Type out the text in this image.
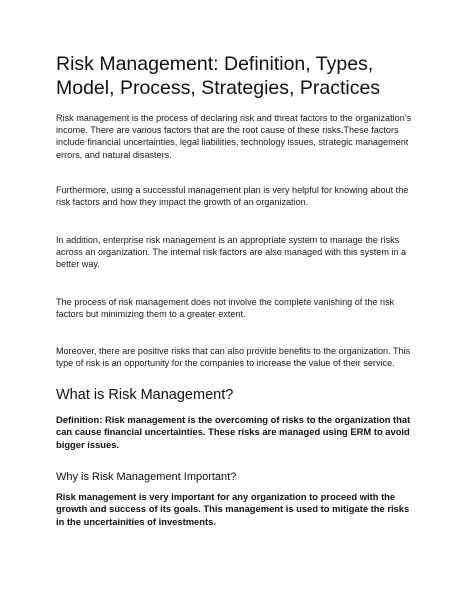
Risk Management: Definition, Types, Model, Process, Strategies, Practices

Risk management is the process of declaring risk and threat factors to the organization’s income. There are various factors that are the root cause of these risks.These factors include financial uncertainties, legal liabilities, technology issues, strategic management errors, and natural disasters.

Furthermore, using a successful management plan is very helpful for knowing about the risk factors and how they impact the growth of an organization.

In addition, enterprise risk management is an appropriate system to manage the risks across an organization. The internal risk factors are also managed with this system in a better way.

The process of risk management does not involve the complete vanishing of the risk factors but minimizing them to a greater extent.

Moreover, there are positive risks that can also provide benefits to the organization. This type of risk is an opportunity for the companies to increase the value of their service.

What is Risk Management?

Definition: Risk management is the overcoming of risks to the organization that can cause financial uncertainties. These risks are managed using ERM to avoid bigger issues.

Why is Risk Management Important?

Risk management is very important for any organization to proceed with the growth and success of its goals. This management is used to mitigate the risks in the uncertainities of investments.
